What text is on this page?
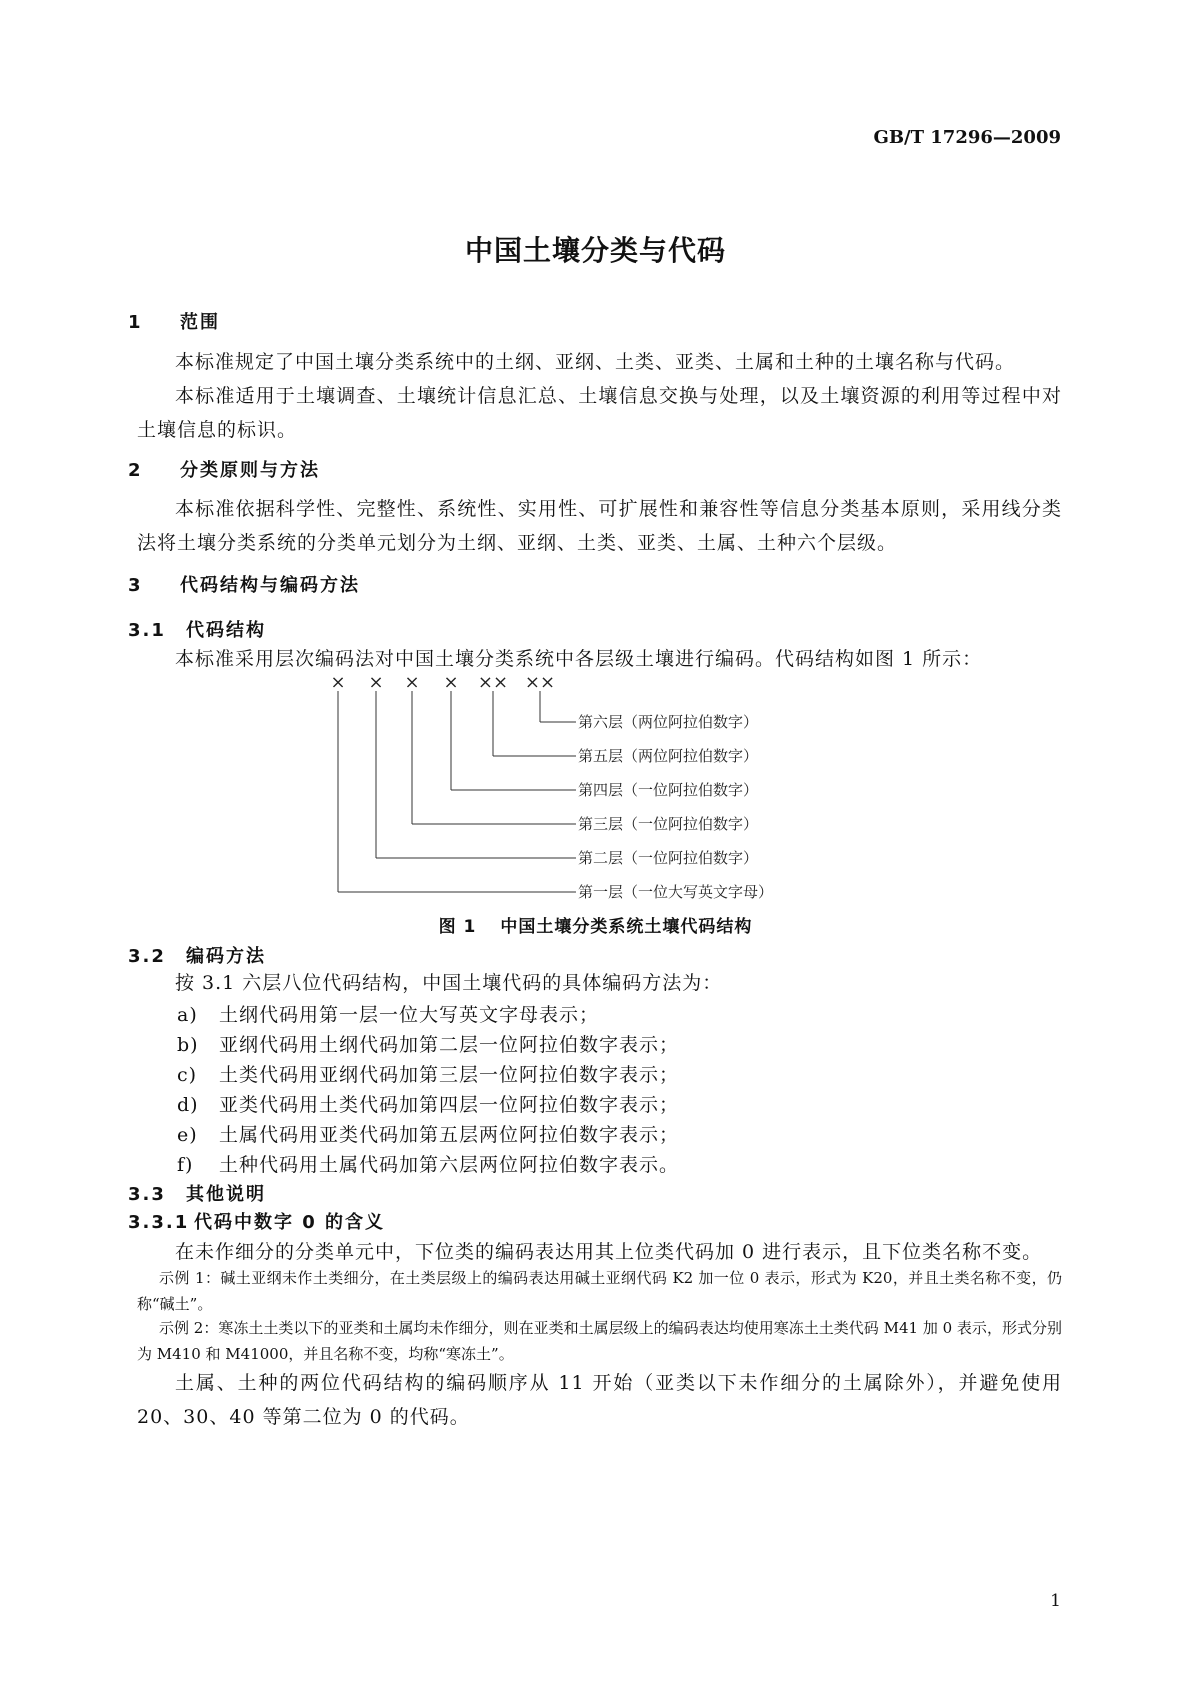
GB/T 17296—2009
中国土壤分类与代码
1 范围
本标准规定了中国土壤分类系统中的土纲、亚纲、土类、亚类、土属和土种的土壤名称与代码。
本标准适用于土壤调查、土壤统计信息汇总、土壤信息交换与处理，以及土壤资源的利用等过程中对土壤信息的标识。
2 分类原则与方法
本标准依据科学性、完整性、系统性、实用性、可扩展性和兼容性等信息分类基本原则，采用线分类法将土壤分类系统的分类单元划分为土纲、亚纲、土类、亚类、土属、土种六个层级。
3 代码结构与编码方法
3.1 代码结构
本标准采用层次编码法对中国土壤分类系统中各层级土壤进行编码。代码结构如图 1 所示：
× × × × ×× ××
第六层（两位阿拉伯数字）
第五层（两位阿拉伯数字）
第四层（一位阿拉伯数字）
第三层（一位阿拉伯数字）
第二层（一位阿拉伯数字）
第一层（一位大写英文字母）
图 1 中国土壤分类系统土壤代码结构
3.2 编码方法
按 3.1 六层八位代码结构，中国土壤代码的具体编码方法为：
a) 土纲代码用第一层一位大写英文字母表示；
b) 亚纲代码用土纲代码加第二层一位阿拉伯数字表示；
c) 土类代码用亚纲代码加第三层一位阿拉伯数字表示；
d) 亚类代码用土类代码加第四层一位阿拉伯数字表示；
e) 土属代码用亚类代码加第五层两位阿拉伯数字表示；
f) 土种代码用土属代码加第六层两位阿拉伯数字表示。
3.3 其他说明
3.3.1 代码中数字 0 的含义
在未作细分的分类单元中，下位类的编码表达用其上位类代码加 0 进行表示，且下位类名称不变。
示例 1：碱土亚纲未作土类细分，在土类层级上的编码表达用碱土亚纲代码 K2 加一位 0 表示，形式为 K20，并且土类名称不变，仍称“碱土”。
示例 2：寒冻土土类以下的亚类和土属均未作细分，则在亚类和土属层级上的编码表达均使用寒冻土土类代码 M41 加 0 表示，形式分别为 M410 和 M41000，并且名称不变，均称“寒冻土”。
土属、土种的两位代码结构的编码顺序从 11 开始（亚类以下未作细分的土属除外），并避免使用 20、30、40 等第二位为 0 的代码。
1
